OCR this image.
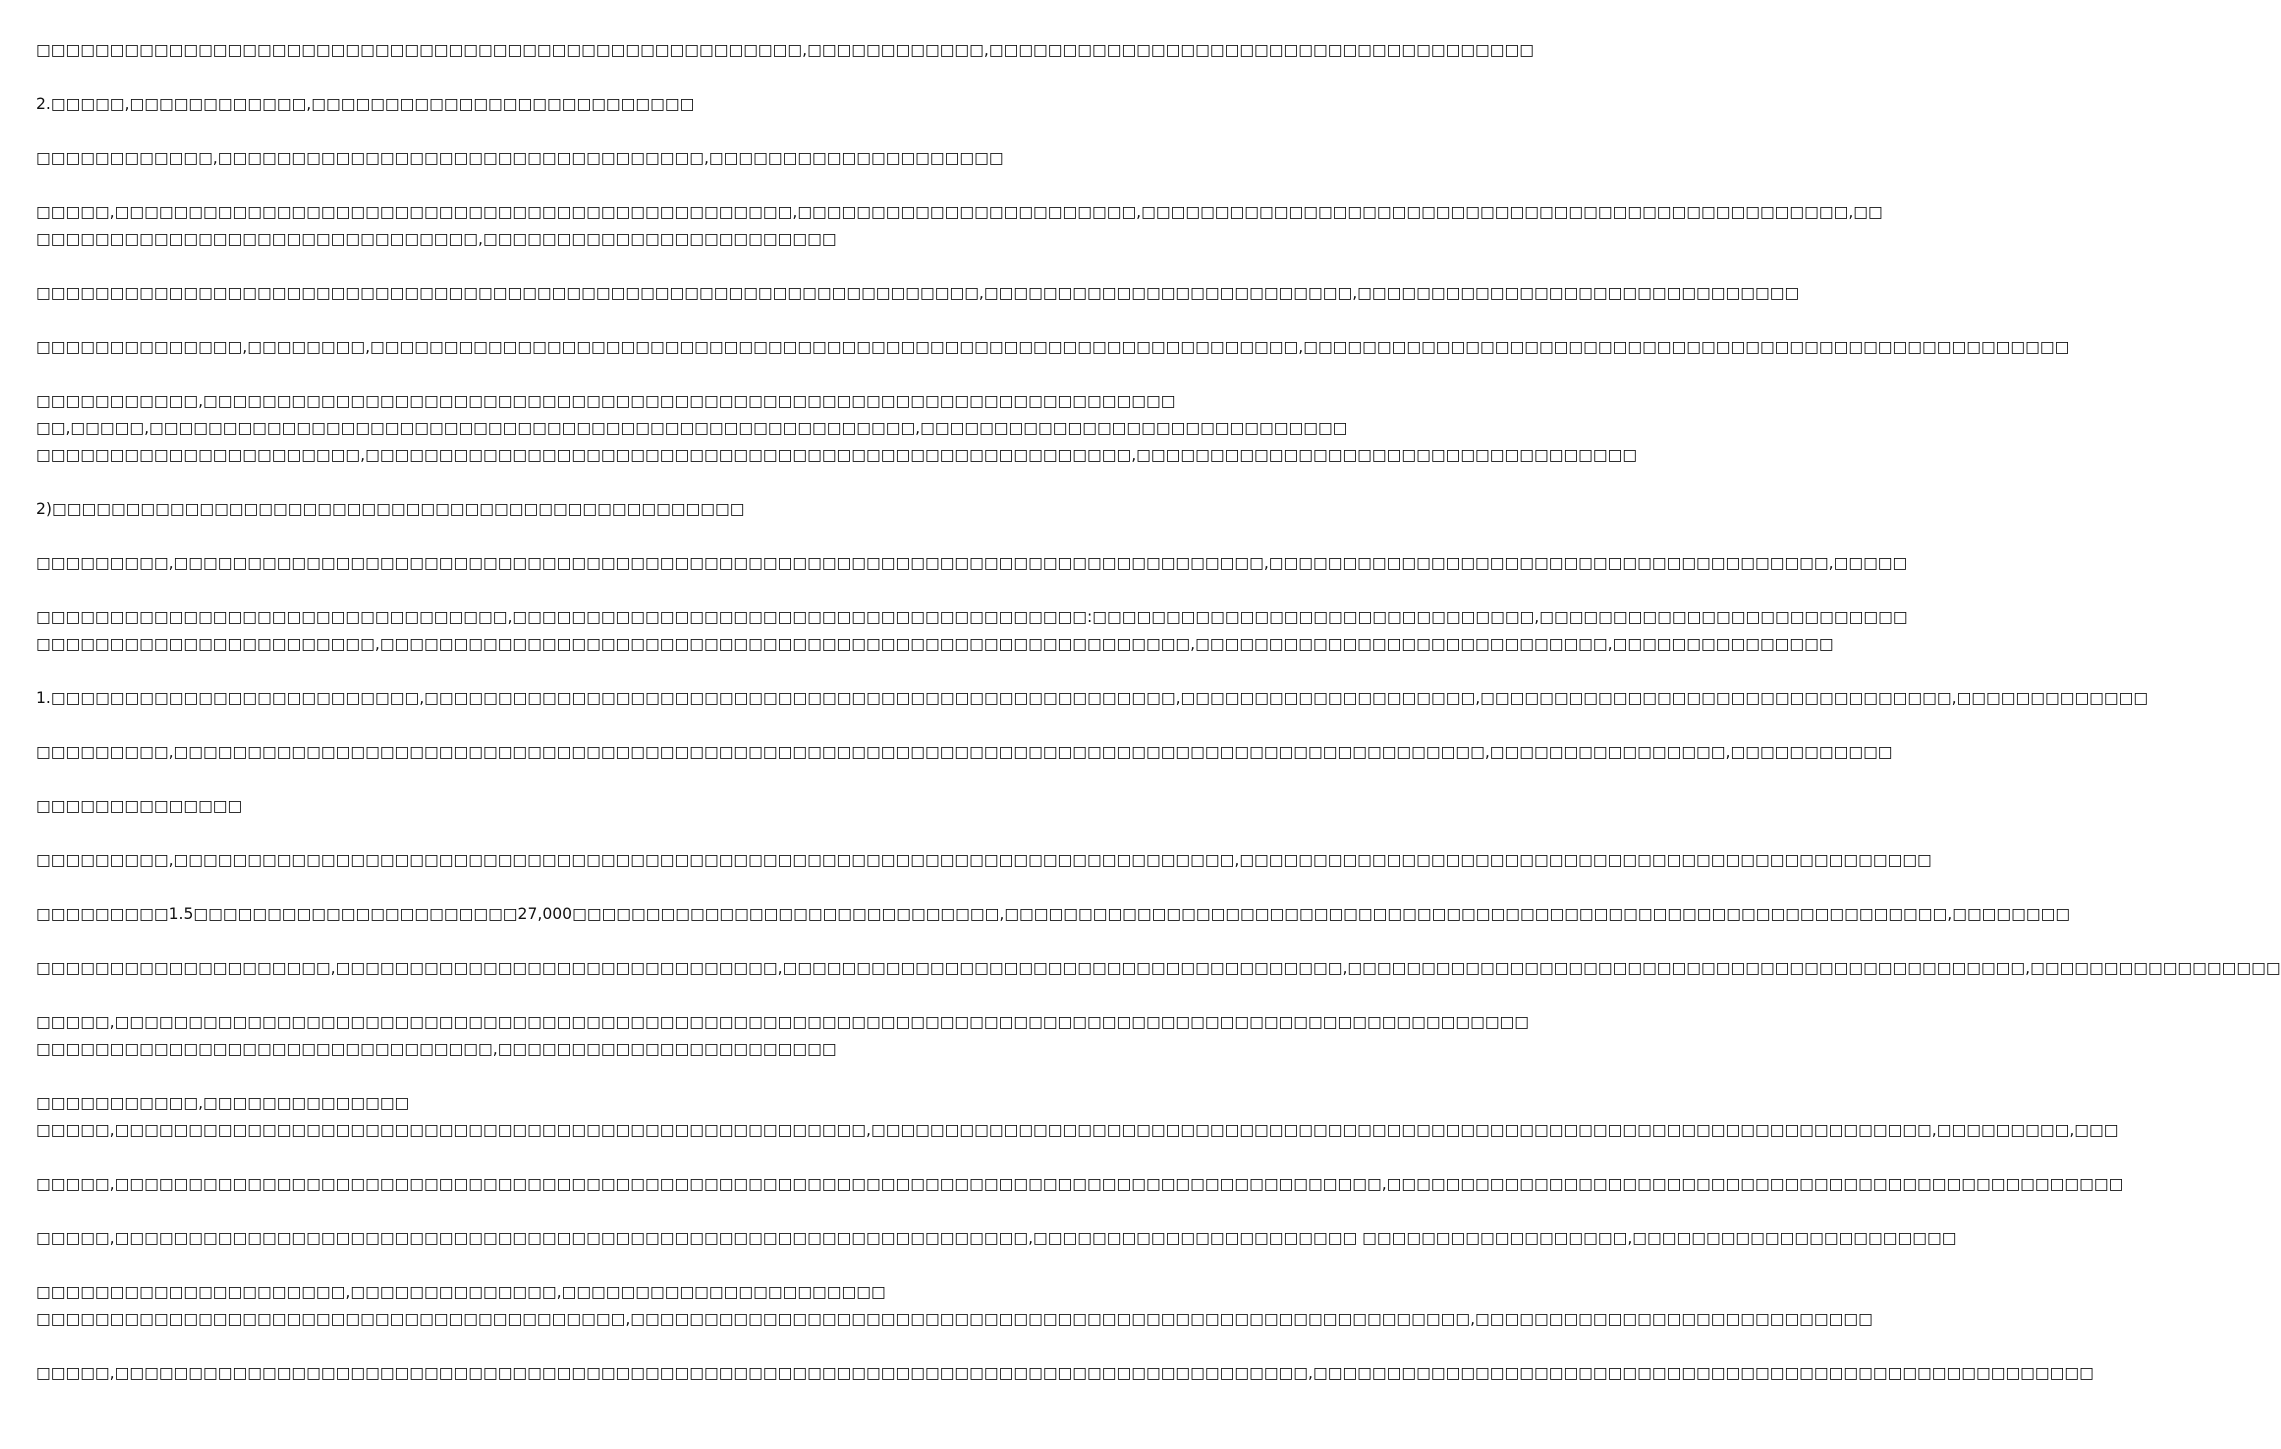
□□□□□□□□□□□□□□□□□□□□□□□□□□□□□□□□□□□□□□□□□□□□□□□□□□□□,□□□□□□□□□□□□,□□□□□□□□□□□□□□□□□□□□□□□□□□□□□□□□□□□□□
2.□□□□□,□□□□□□□□□□□□,□□□□□□□□□□□□□□□□□□□□□□□□□□
□□□□□□□□□□□□,□□□□□□□□□□□□□□□□□□□□□□□□□□□□□□□□□,□□□□□□□□□□□□□□□□□□□□
□□□□□,□□□□□□□□□□□□□□□□□□□□□□□□□□□□□□□□□□□□□□□□□□□□□□,□□□□□□□□□□□□□□□□□□□□□□□,□□□□□□□□□□□□□□□□□□□□□□□□□□□□□□□□□□□□□□□□□□□□□□□□,□□
□□□□□□□□□□□□□□□□□□□□□□□□□□□□□□,□□□□□□□□□□□□□□□□□□□□□□□□
□□□□□□□□□□□□□□□□□□□□□□□□□□□□□□□□□□□□□□□□□□□□□□□□□□□□□□□□□□□□□□□□,□□□□□□□□□□□□□□□□□□□□□□□□□,□□□□□□□□□□□□□□□□□□□□□□□□□□□□□□
□□□□□□□□□□□□□□,□□□□□□□□,□□□□□□□□□□□□□□□□□□□□□□□□□□□□□□□□□□□□□□□□□□□□□□□□□□□□□□□□□□□□□□□,□□□□□□□□□□□□□□□□□□□□□□□□□□□□□□□□□□□□□□□□□□□□□□□□□□□□
□□□□□□□□□□□,□□□□□□□□□□□□□□□□□□□□□□□□□□□□□□□□□□□□□□□□□□□□□□□□□□□□□□□□□□□□□□□□□□
□□,□□□□□,□□□□□□□□□□□□□□□□□□□□□□□□□□□□□□□□□□□□□□□□□□□□□□□□□□□□,□□□□□□□□□□□□□□□□□□□□□□□□□□□□□
□□□□□□□□□□□□□□□□□□□□□□,□□□□□□□□□□□□□□□□□□□□□□□□□□□□□□□□□□□□□□□□□□□□□□□□□□□□,□□□□□□□□□□□□□□□□□□□□□□□□□□□□□□□□□□
2)□□□□□□□□□□□□□□□□□□□□□□□□□□□□□□□□□□□□□□□□□□□□□□□
□□□□□□□□□,□□□□□□□□□□□□□□□□□□□□□□□□□□□□□□□□□□□□□□□□□□□□□□□□□□□□□□□□□□□□□□□□□□□□□□□□□□,□□□□□□□□□□□□□□□□□□□□□□□□□□□□□□□□□□□□□□,□□□□□
□□□□□□□□□□□□□□□□□□□□□□□□□□□□□□□□,□□□□□□□□□□□□□□□□□□□□□□□□□□□□□□□□□□□□□□□:□□□□□□□□□□□□□□□□□□□□□□□□□□□□□□,□□□□□□□□□□□□□□□□□□□□□□□□□
□□□□□□□□□□□□□□□□□□□□□□□,□□□□□□□□□□□□□□□□□□□□□□□□□□□□□□□□□□□□□□□□□□□□□□□□□□□□□□□,□□□□□□□□□□□□□□□□□□□□□□□□□□□□,□□□□□□□□□□□□□□□
1.□□□□□□□□□□□□□□□□□□□□□□□□□,□□□□□□□□□□□□□□□□□□□□□□□□□□□□□□□□□□□□□□□□□□□□□□□□□□□,□□□□□□□□□□□□□□□□□□□□,□□□□□□□□□□□□□□□□□□□□□□□□□□□□□□□□,□□□□□□□□□□□□□
□□□□□□□□□,□□□□□□□□□□□□□□□□□□□□□□□□□□□□□□□□□□□□□□□□□□□□□□□□□□□□□□□□□□□□□□□□□□□□□□□□□□□□□□□□□□□□□□□□□,□□□□□□□□□□□□□□□□,□□□□□□□□□□□
□□□□□□□□□□□□□□
□□□□□□□□□,□□□□□□□□□□□□□□□□□□□□□□□□□□□□□□□□□□□□□□□□□□□□□□□□□□□□□□□□□□□□□□□□□□□□□□□□,□□□□□□□□□□□□□□□□□□□□□□□□□□□□□□□□□□□□□□□□□□□□□□□
□□□□□□□□□1.5□□□□□□□□□□□□□□□□□□□□□□27,000□□□□□□□□□□□□□□□□□□□□□□□□□□□□□,□□□□□□□□□□□□□□□□□□□□□□□□□□□□□□□□□□□□□□□□□□□□□□□□□□□□□□□□□□□□□□□□,□□□□□□□□
□□□□□□□□□□□□□□□□□□□□,□□□□□□□□□□□□□□□□□□□□□□□□□□□□□□,□□□□□□□□□□□□□□□□□□□□□□□□□□□□□□□□□□□□□□,□□□□□□□□□□□□□□□□□□□□□□□□□□□□□□□□□□□□□□□□□□□□□□,□□□□□□□□□□□□□□□□□
□□□□□,□□□□□□□□□□□□□□□□□□□□□□□□□□□□□□□□□□□□□□□□□□□□□□□□□□□□□□□□□□□□□□□□□□□□□□□□□□□□□□□□□□□□□□□□□□□□□□□□
□□□□□□□□□□□□□□□□□□□□□□□□□□□□□□□,□□□□□□□□□□□□□□□□□□□□□□□
□□□□□□□□□□□,□□□□□□□□□□□□□□
□□□□□,□□□□□□□□□□□□□□□□□□□□□□□□□□□□□□□□□□□□□□□□□□□□□□□□□□□,□□□□□□□□□□□□□□□□□□□□□□□□□□□□□□□□□□□□□□□□□□□□□□□□□□□□□□□□□□□□□□□□□□□□□□□□,□□□□□□□□□,□□□
□□□□□,□□□□□□□□□□□□□□□□□□□□□□□□□□□□□□□□□□□□□□□□□□□□□□□□□□□□□□□□□□□□□□□□□□□□□□□□□□□□□□□□□□□□□□,□□□□□□□□□□□□□□□□□□□□□□□□□□□□□□□□□□□□□□□□□□□□□□□□□□
□□□□□,□□□□□□□□□□□□□□□□□□□□□□□□□□□□□□□□□□□□□□□□□□□□□□□□□□□□□□□□□□□□□□,□□□□□□□□□□□□□□□□□□□□□□ □□□□□□□□□□□□□□□□□□,□□□□□□□□□□□□□□□□□□□□□□
□□□□□□□□□□□□□□□□□□□□□,□□□□□□□□□□□□□□,□□□□□□□□□□□□□□□□□□□□□□
□□□□□□□□□□□□□□□□□□□□□□□□□□□□□□□□□□□□□□□□,□□□□□□□□□□□□□□□□□□□□□□□□□□□□□□□□□□□□□□□□□□□□□□□□□□□□□□□□□,□□□□□□□□□□□□□□□□□□□□□□□□□□□
□□□□□,□□□□□□□□□□□□□□□□□□□□□□□□□□□□□□□□□□□□□□□□□□□□□□□□□□□□□□□□□□□□□□□□□□□□□□□□□□□□□□□□□,□□□□□□□□□□□□□□□□□□□□□□□□□□□□□□□□□□□□□□□□□□□□□□□□□□□□□
